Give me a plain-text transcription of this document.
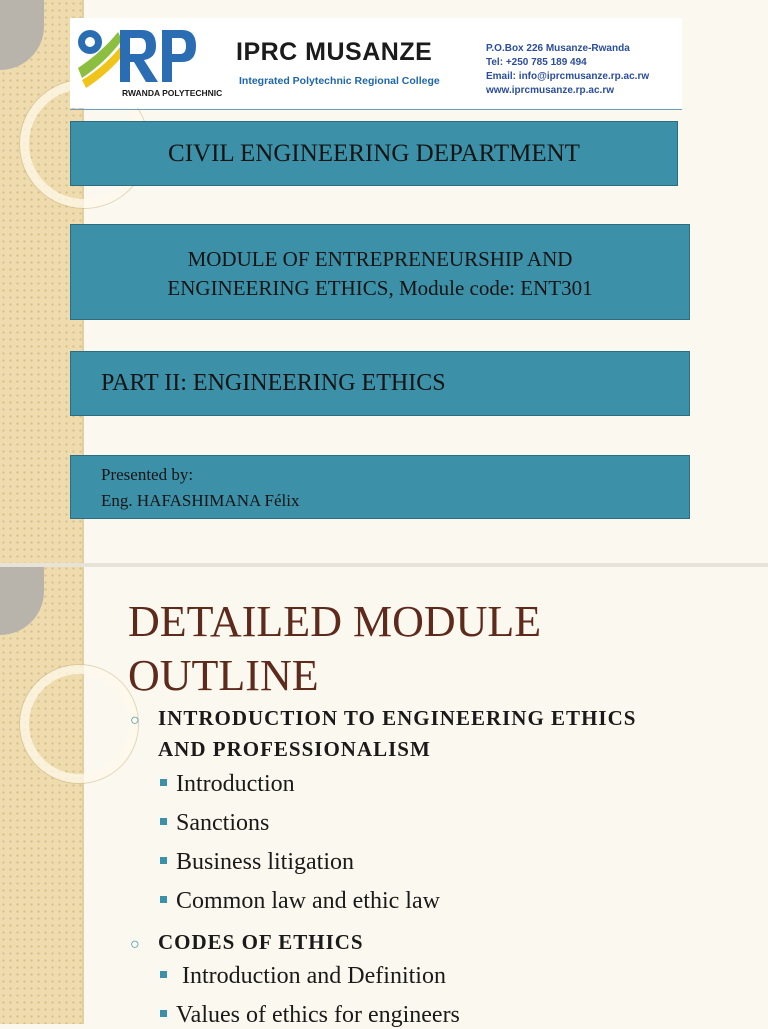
RWANDA POLYTECHNIC
IPRC MUSANZE
Integrated Polytechnic Regional College
P.O.Box 226 Musanze-Rwanda
Tel: +250 785 189 494
Email: info@iprcmusanze.rp.ac.rw
www.iprcmusanze.rp.ac.rw
CIVIL ENGINEERING DEPARTMENT
MODULE OF ENTREPRENEURSHIP AND
ENGINEERING ETHICS, Module code: ENT301
PART II: ENGINEERING ETHICS
Presented by:
Eng. HAFASHIMANA Félix
DETAILED MODULE
OUTLINE
○ INTRODUCTION TO ENGINEERING ETHICS
AND PROFESSIONALISM
Introduction
Sanctions
Business litigation
Common law and ethic law
○ CODES OF ETHICS
Introduction and Definition
Values of ethics for engineers
